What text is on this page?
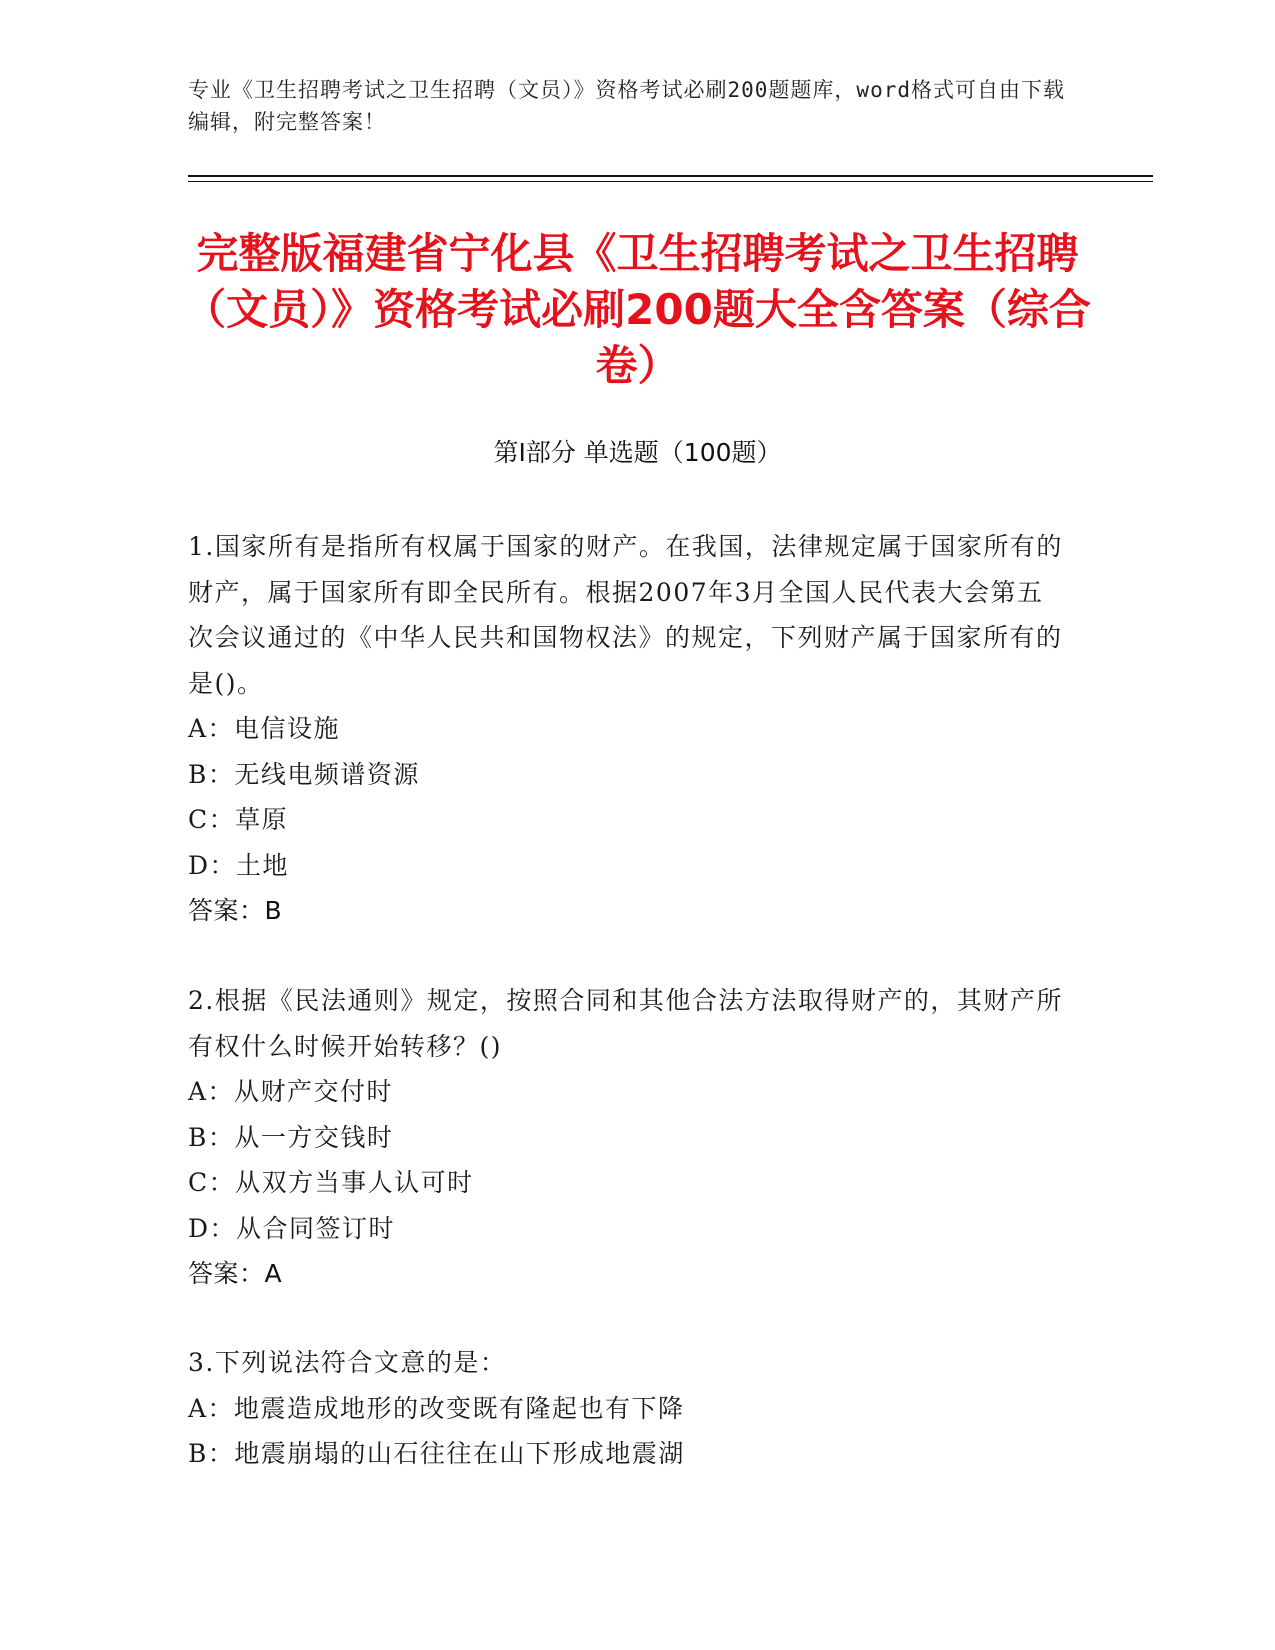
专业《卫生招聘考试之卫生招聘（文员）》资格考试必刷200题题库，word格式可自由下载编辑，附完整答案！
完整版福建省宁化县《卫生招聘考试之卫生招聘（文员）》资格考试必刷200题大全含答案（综合卷）
第I部分 单选题（100题）
1.国家所有是指所有权属于国家的财产。在我国，法律规定属于国家所有的财产，属于国家所有即全民所有。根据2007年3月全国人民代表大会第五次会议通过的《中华人民共和国物权法》的规定，下列财产属于国家所有的是()。
A：电信设施
B：无线电频谱资源
C：草原
D：土地
答案：B
2.根据《民法通则》规定，按照合同和其他合法方法取得财产的，其财产所有权什么时候开始转移？()
A：从财产交付时
B：从一方交钱时
C：从双方当事人认可时
D：从合同签订时
答案：A
3.下列说法符合文意的是：
A：地震造成地形的改变既有隆起也有下降
B：地震崩塌的山石往往在山下形成地震湖
